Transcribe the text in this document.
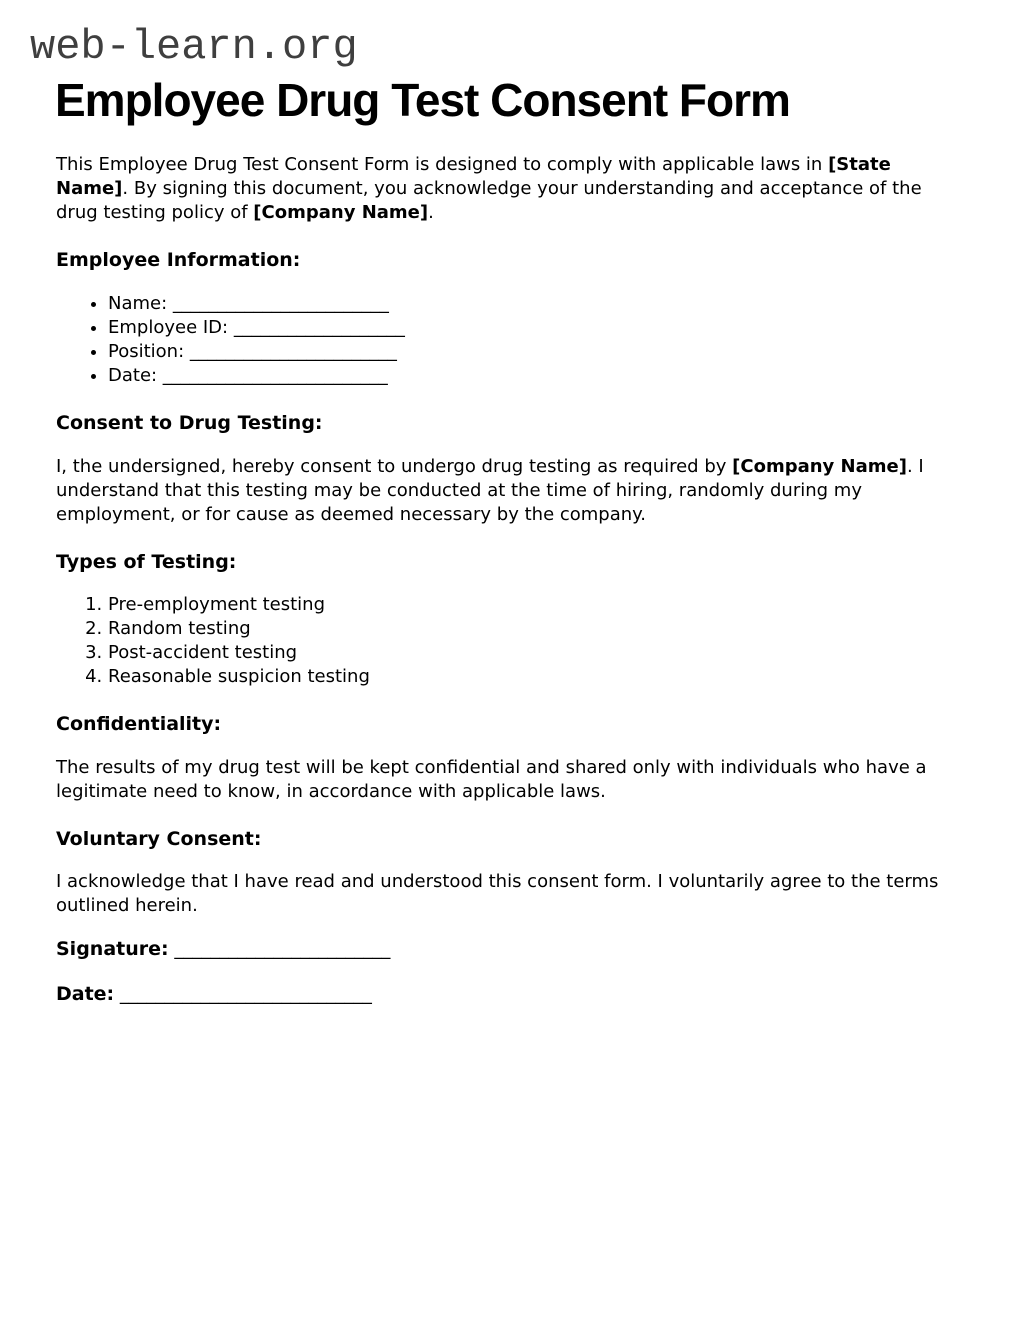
web-learn.org
Employee Drug Test Consent Form

This Employee Drug Test Consent Form is designed to comply with applicable laws in [State Name]. By signing this document, you acknowledge your understanding and acceptance of the drug testing policy of [Company Name].

Employee Information:
• Name: ________________________
• Employee ID: ___________________
• Position: _______________________
• Date: _________________________
Consent to Drug Testing:

I, the undersigned, hereby consent to undergo drug testing as required by [Company Name]. I understand that this testing may be conducted at the time of hiring, randomly during my employment, or for cause as deemed necessary by the company.

Types of Testing:
1. Pre-employment testing
2. Random testing
3. Post-accident testing
4. Reasonable suspicion testing
Confidentiality:

The results of my drug test will be kept confidential and shared only with individuals who have a legitimate need to know, in accordance with applicable laws.

Voluntary Consent:

I acknowledge that I have read and understood this consent form. I voluntarily agree to the terms outlined herein.

Signature: ________________________

Date: ____________________________
